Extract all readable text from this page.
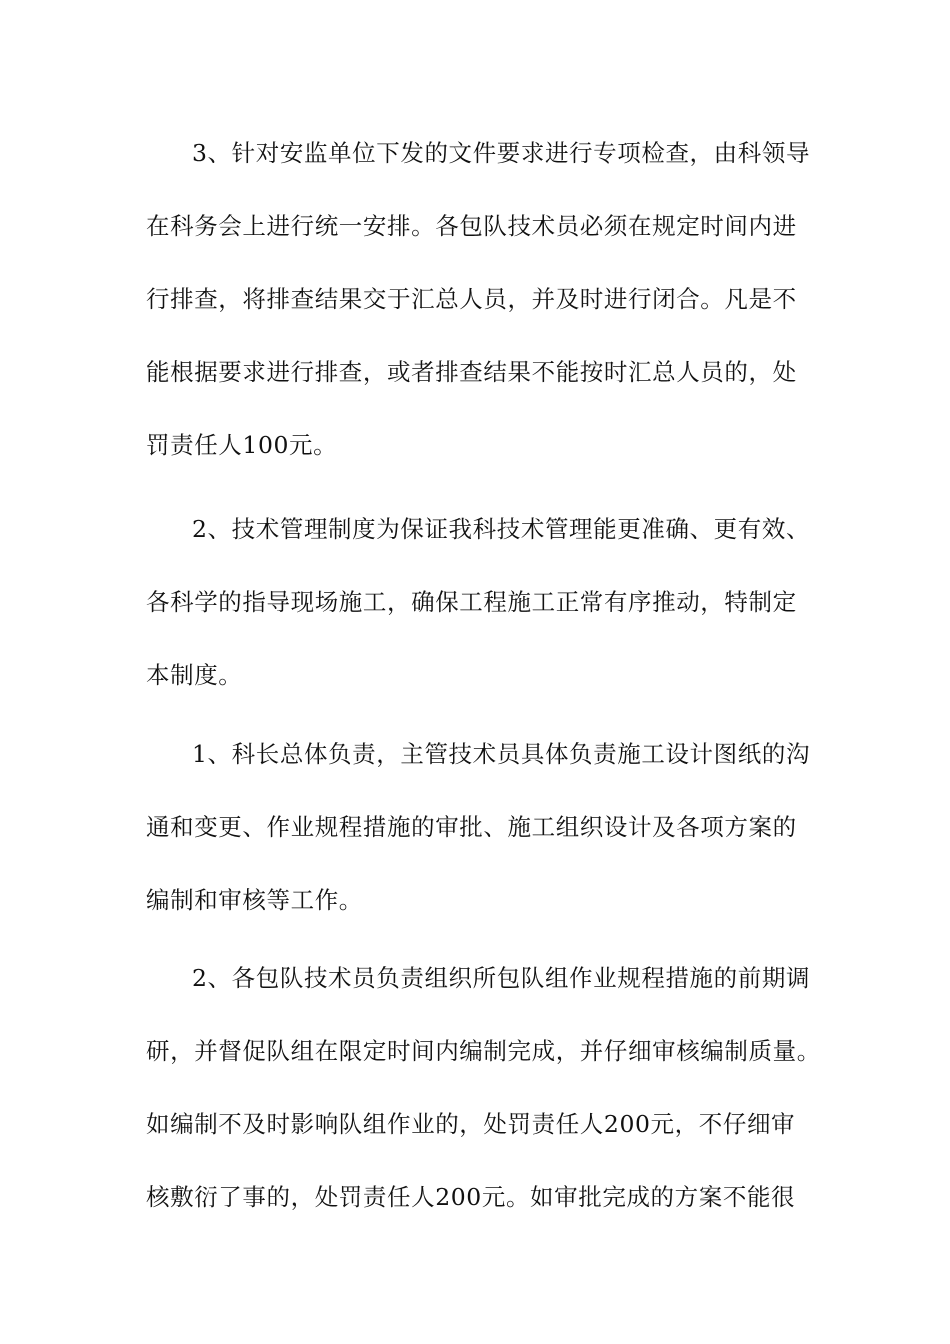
3、针对安监单位下发的文件要求进行专项检查，由科领导
在科务会上进行统一安排。各包队技术员必须在规定时间内进
行排查，将排查结果交于汇总人员，并及时进行闭合。凡是不
能根据要求进行排查，或者排查结果不能按时汇总人员的，处
罚责任人100元。
2、技术管理制度为保证我科技术管理能更准确、更有效、
各科学的指导现场施工，确保工程施工正常有序推动，特制定
本制度。
1、科长总体负责，主管技术员具体负责施工设计图纸的沟
通和变更、作业规程措施的审批、施工组织设计及各项方案的
编制和审核等工作。
2、各包队技术员负责组织所包队组作业规程措施的前期调
研，并督促队组在限定时间内编制完成，并仔细审核编制质量。
如编制不及时影响队组作业的，处罚责任人200元，不仔细审
核敷衍了事的，处罚责任人200元。如审批完成的方案不能很
